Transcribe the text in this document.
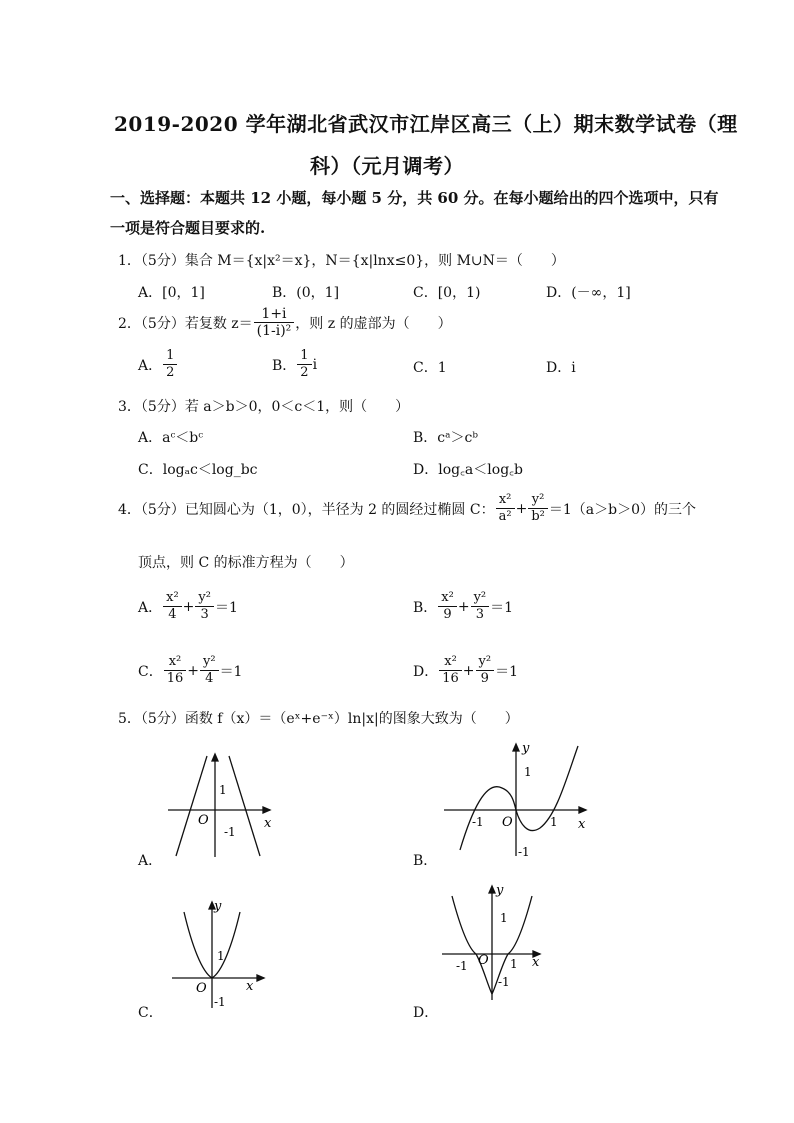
2019-2020 学年湖北省武汉市江岸区高三（上）期末数学试卷（理
科）（元月调考）
一、选择题：本题共 12 小题，每小题 5 分，共 60 分。在每小题给出的四个选项中，只有
一项是符合题目要求的.
1．（5分）集合 M＝{x|x²＝x}，N＝{x|lnx≤0}，则 M∪N＝（　　）
A．[0，1]	B．(0，1]	C．[0，1)	D．(－∞，1]
2．（5分）若复数 $z= \frac{1+i}{\text{(1-i)²}}$ ，则 z 的虚部为（　　）
A． $\frac{1}{2}$	B． $\frac{1}{2}$ i	C．1	D．i
3．（5分）若 a＞b＞0，0＜c＜1，则（　　）
A．aᶜ＜bᶜ	B．cᵃ＞cᵇ
C．logₐc＜log_bc	D．log꜀a＜log꜀b
4．（5分）已知圆心为（1，0），半径为 2 的圆经过椭圆 C： $\frac{\text{x²}}{\text{a²}} + \frac{\text{y²}}{\text{b²}} =1(a>b>0)$的三个
顶点，则 C 的标准方程为（　　）
A． $\frac{\text{x²}}{4} + \frac{\text{y²}}{3} =1$	B． $\frac{\text{x²}}{9} + \frac{\text{y²}}{3} =1$
C． $\frac{\text{x²}}{16} + \frac{\text{y²}}{4} =1$	D． $\frac{\text{x²}}{16} + \frac{\text{y²}}{9} =1$
5．（5分）函数 f（x）＝（eˣ+e⁻ˣ）ln|x|的图象大致为（　　）
1
-1
O	x
A．
y
1
-1 O	1 x
-1
B．
y
1
O	x
-1
C．
y
1
-1 O 1 x
-1
D．
